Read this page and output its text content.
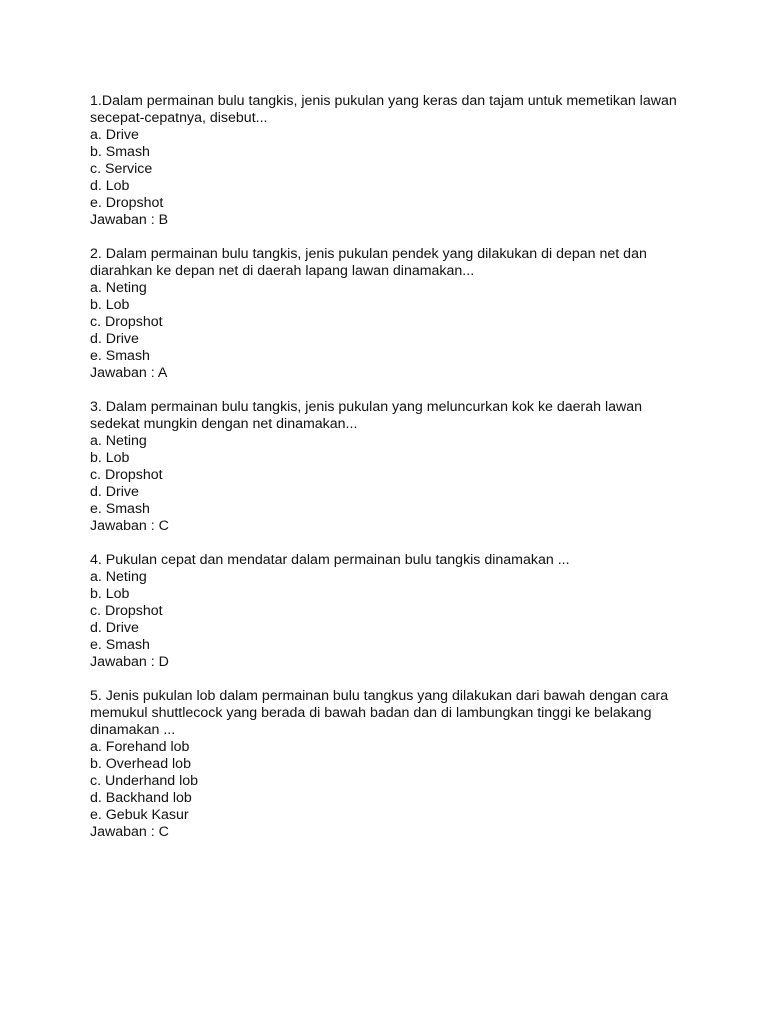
1.Dalam permainan bulu tangkis, jenis pukulan yang keras dan tajam untuk memetikan lawan secepat-cepatnya, disebut...
a. Drive
b. Smash
c. Service
d. Lob
e. Dropshot
Jawaban : B
2. Dalam permainan bulu tangkis, jenis pukulan pendek yang dilakukan di depan net dan diarahkan ke depan net di daerah lapang lawan dinamakan...
a. Neting
b. Lob
c. Dropshot
d. Drive
e. Smash
Jawaban : A
3. Dalam permainan bulu tangkis, jenis pukulan yang meluncurkan kok ke daerah lawan sedekat mungkin dengan net dinamakan...
a. Neting
b. Lob
c. Dropshot
d. Drive
e. Smash
Jawaban : C
4. Pukulan cepat dan mendatar dalam permainan bulu tangkis dinamakan ...
a. Neting
b. Lob
c. Dropshot
d. Drive
e. Smash
Jawaban : D
5. Jenis pukulan lob dalam permainan bulu tangkus yang dilakukan dari bawah dengan cara memukul shuttlecock yang berada di bawah badan dan di lambungkan tinggi ke belakang dinamakan ...
a. Forehand lob
b. Overhead lob
c. Underhand lob
d. Backhand lob
e. Gebuk Kasur
Jawaban : C
